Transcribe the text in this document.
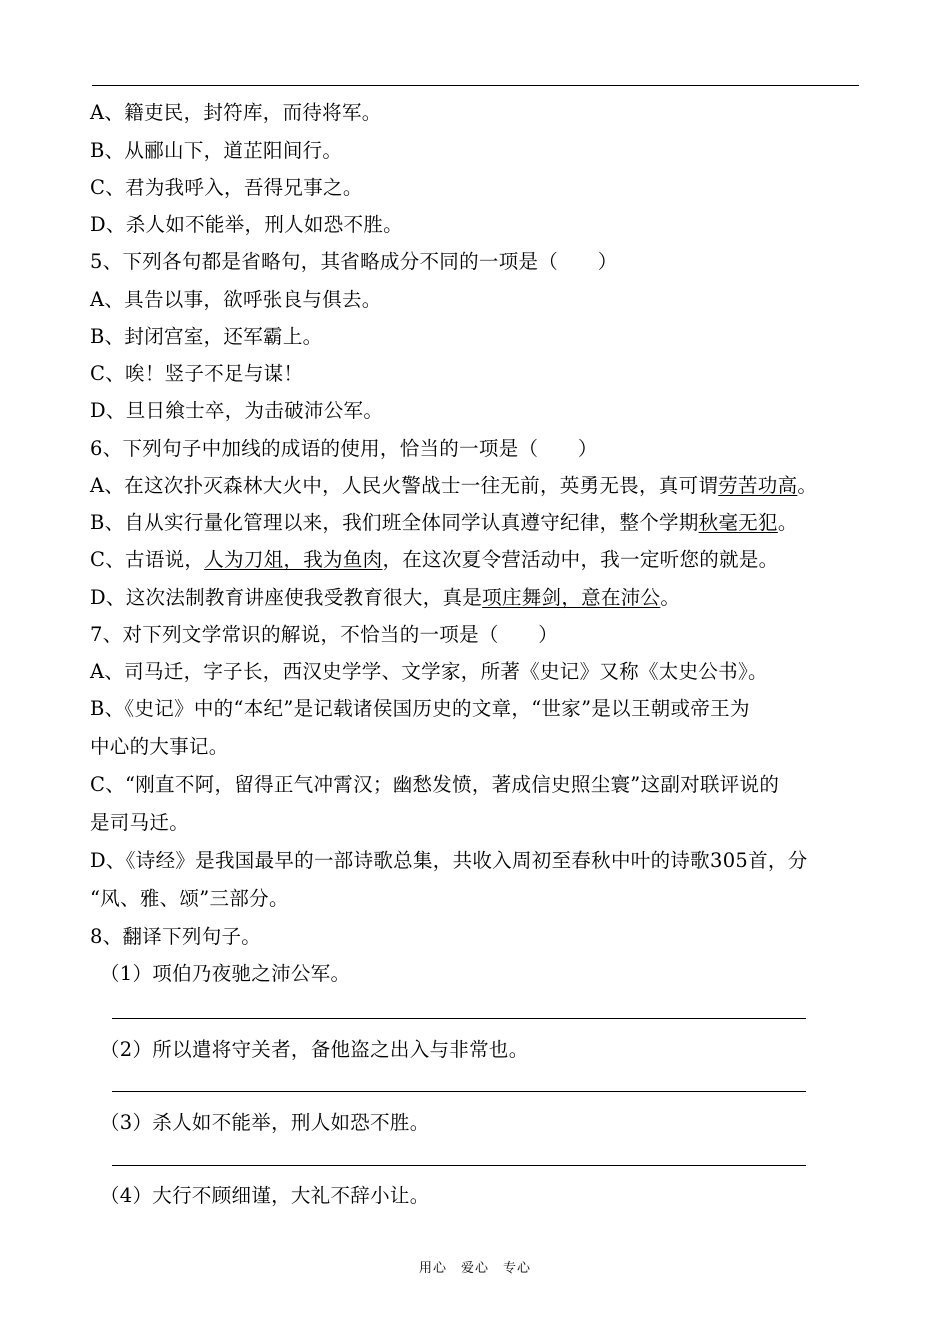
A、籍吏民，封符库，而待将军。
B、从郦山下，道芷阳间行。
C、君为我呼入，吾得兄事之。
D、杀人如不能举，刑人如恐不胜。
5、下列各句都是省略句，其省略成分不同的一项是（　　）
A、具告以事，欲呼张良与俱去。
B、封闭宫室，还军霸上。
C、唉！竖子不足与谋！
D、旦日飨士卒，为击破沛公军。
6、下列句子中加线的成语的使用，恰当的一项是（　　）
A、在这次扑灭森林大火中，人民火警战士一往无前，英勇无畏，真可谓劳苦功高。
B、自从实行量化管理以来，我们班全体同学认真遵守纪律，整个学期秋毫无犯。
C、古语说，人为刀俎，我为鱼肉，在这次夏令营活动中，我一定听您的就是。
D、这次法制教育讲座使我受教育很大，真是项庄舞剑，意在沛公。
7、对下列文学常识的解说，不恰当的一项是（　　）
A、司马迁，字子长，西汉史学学、文学家，所著《史记》又称《太史公书》。
B、《史记》中的“本纪”是记载诸侯国历史的文章，“世家”是以王朝或帝王为
中心的大事记。
C、“刚直不阿，留得正气冲霄汉；幽愁发愤，著成信史照尘寰”这副对联评说的
是司马迁。
D、《诗经》是我国最早的一部诗歌总集，共收入周初至春秋中叶的诗歌305首，分
“风、雅、颂”三部分。
8、翻译下列句子。
（1）项伯乃夜驰之沛公军。
（2）所以遣将守关者，备他盗之出入与非常也。
（3）杀人如不能举，刑人如恐不胜。
（4）大行不顾细谨，大礼不辞小让。
用心　爱心　专心
